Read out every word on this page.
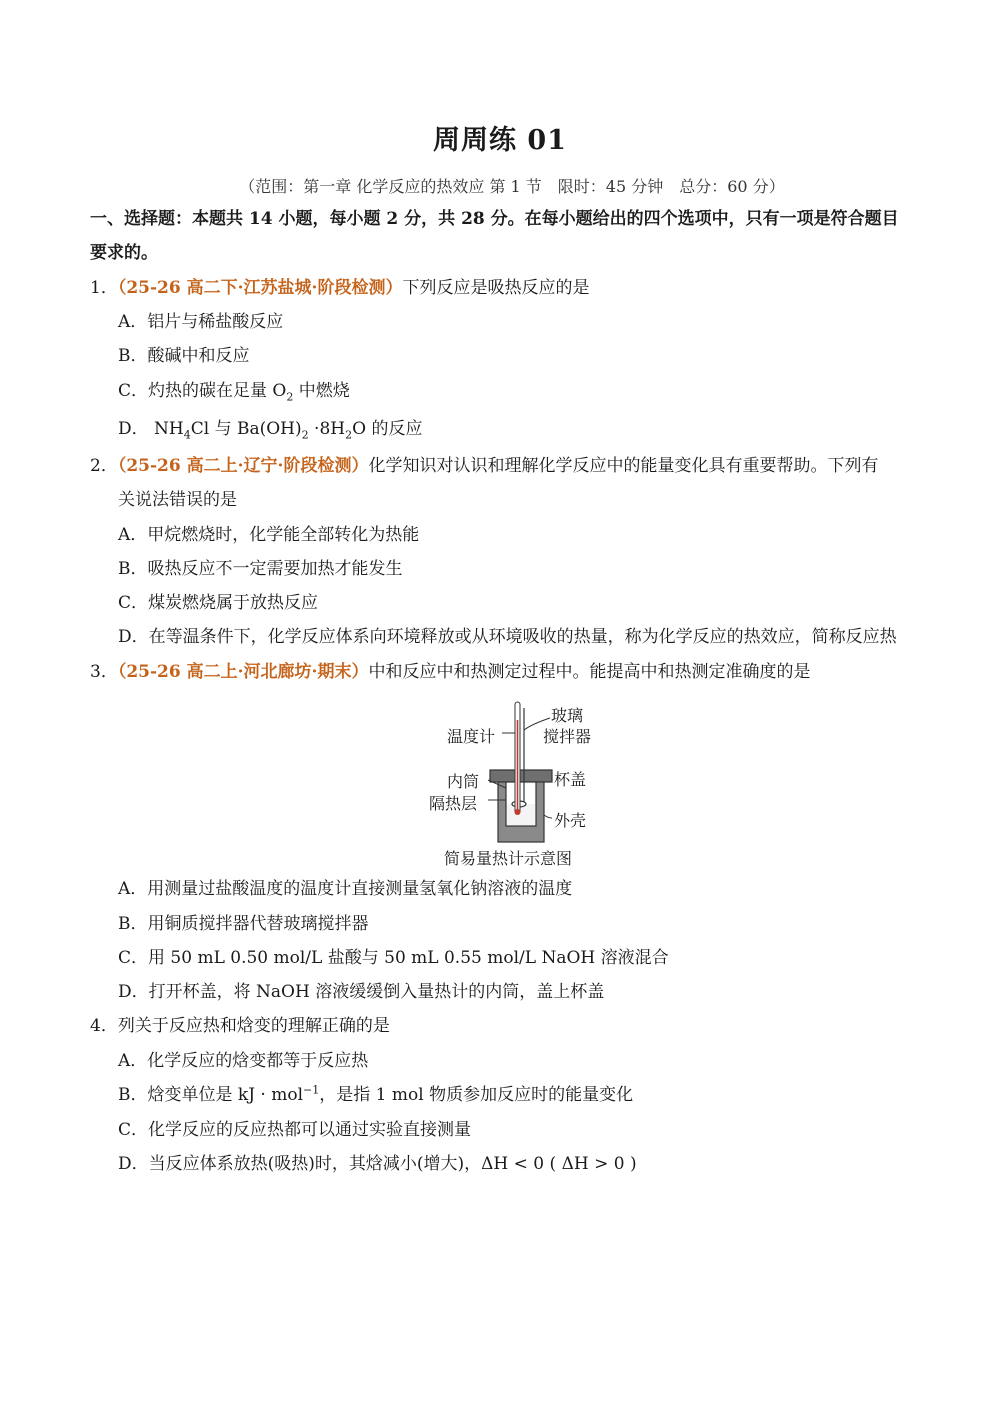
周周练 01
（范围：第一章 化学反应的热效应 第 1 节　限时：45 分钟　总分：60 分）
一、选择题：本题共 14 小题，每小题 2 分，共 28 分。在每小题给出的四个选项中，只有一项是符合题目
要求的。
1．（25-26 高二下·江苏盐城·阶段检测）下列反应是吸热反应的是
A．铝片与稀盐酸反应
B．酸碱中和反应
C．灼热的碳在足量 $O_2$ 中燃烧
D． $NH_4Cl$ 与 $Ba(OH)_2 \cdot 8H_2O$ 的反应
2．（25-26 高二上·辽宁·阶段检测）化学知识对认识和理解化学反应中的能量变化具有重要帮助。下列有
关说法错误的是
A．甲烷燃烧时，化学能全部转化为热能
B．吸热反应不一定需要加热才能发生
C．煤炭燃烧属于放热反应
D．在等温条件下，化学反应体系向环境释放或从环境吸收的热量，称为化学反应的热效应，简称反应热
3．（25-26 高二上·河北廊坊·期末）中和反应中和热测定过程中。能提高中和热测定准确度的是
温度计
玻璃
搅拌器
杯盖
内筒
隔热层
外壳
简易量热计示意图
A．用测量过盐酸温度的温度计直接测量氢氧化钠溶液的温度
B．用铜质搅拌器代替玻璃搅拌器
C．用 50 mL 0.50 mol/L 盐酸与 50 mL 0.55 mol/L NaOH 溶液混合
D．打开杯盖，将 NaOH 溶液缓缓倒入量热计的内筒，盖上杯盖
4．列关于反应热和焓变的理解正确的是
A．化学反应的焓变都等于反应热
B．焓变单位是 kJ · mol$^{-1}$，是指 1 mol 物质参加反应时的能量变化
C．化学反应的反应热都可以通过实验直接测量
D．当反应体系放热(吸热)时，其焓减小(增大)，ΔH < 0 ( ΔH > 0 )
